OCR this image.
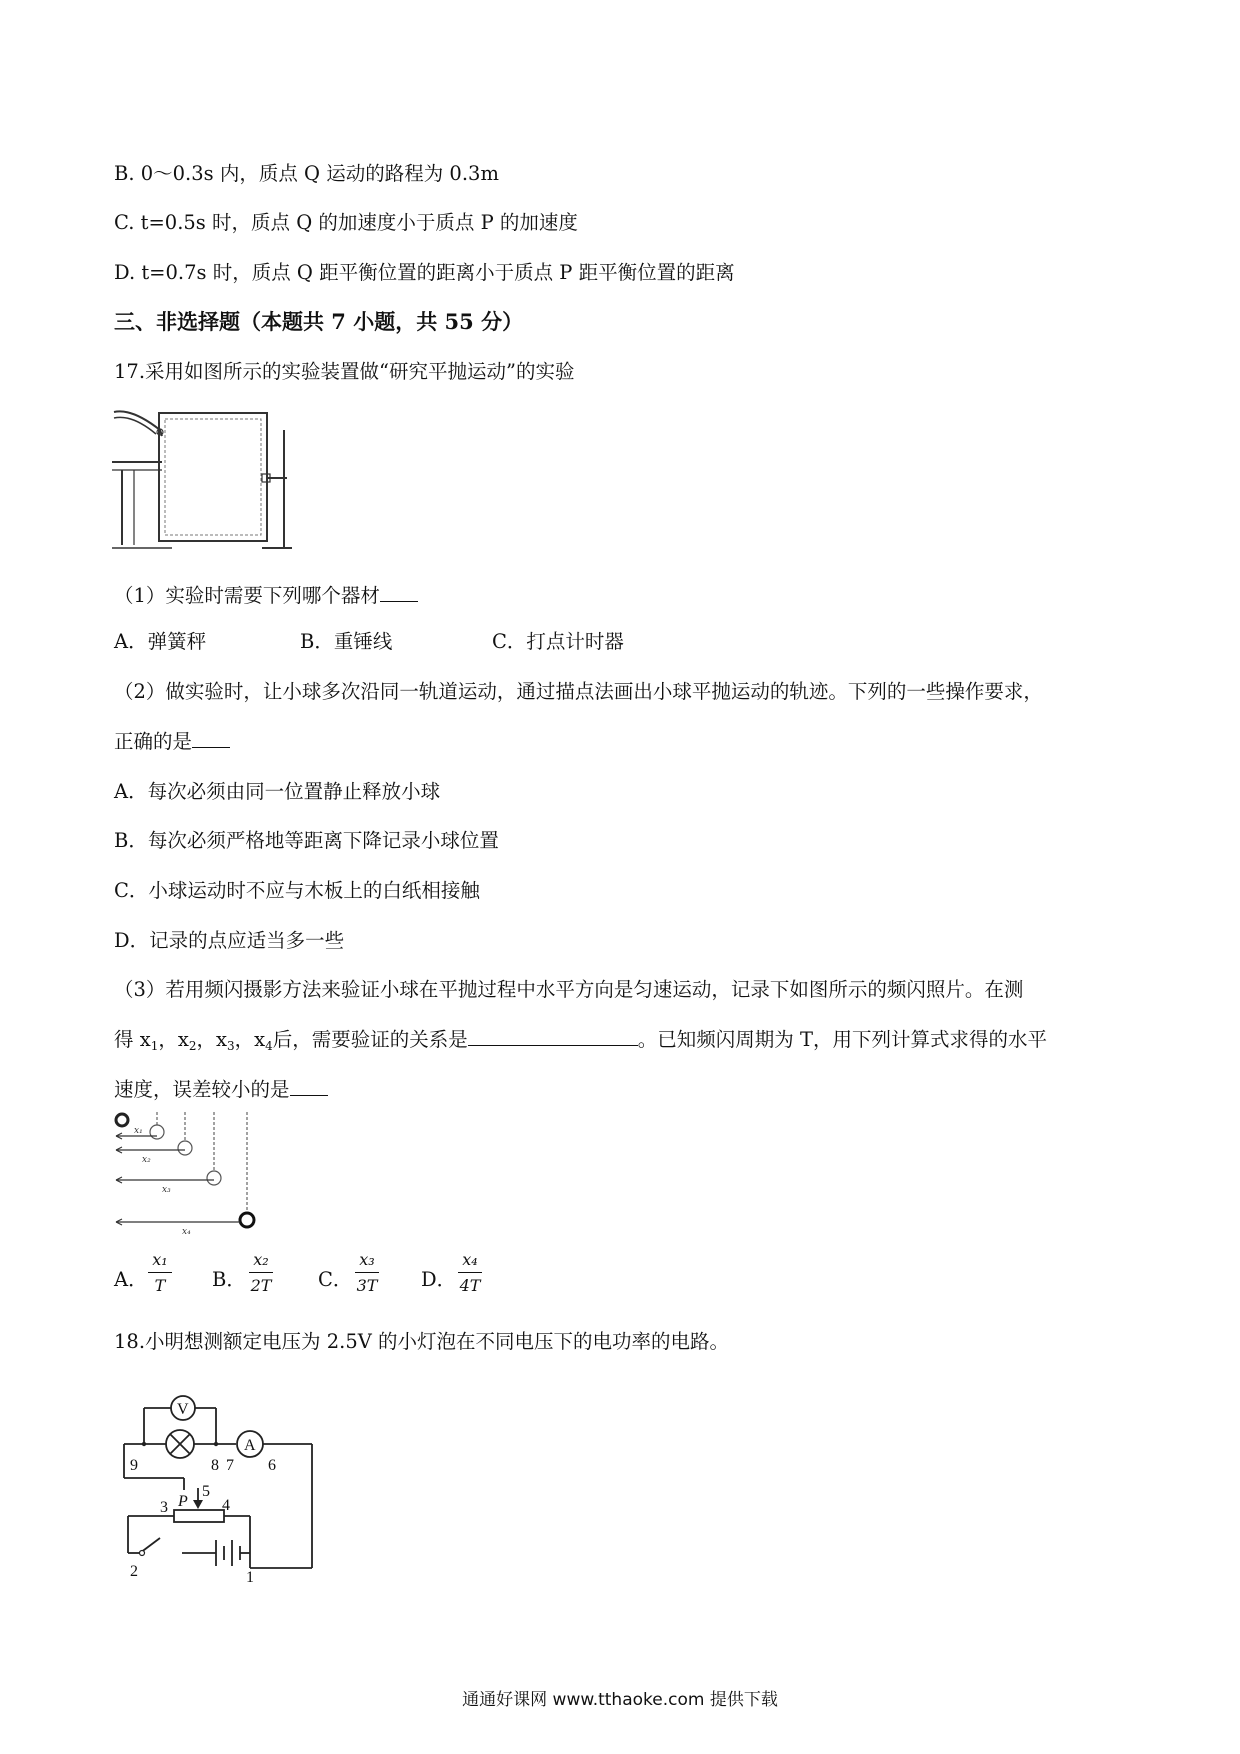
B. 0～0.3s 内，质点 Q 运动的路程为 0.3m
C. t=0.5s 时，质点 Q 的加速度小于质点 P 的加速度
D. t=0.7s 时，质点 Q 距平衡位置的距离小于质点 P 距平衡位置的距离
三、非选择题（本题共 7 小题，共 55 分）
17.采用如图所示的实验装置做“研究平抛运动”的实验
（1）实验时需要下列哪个器材
A．弹簧秤	B．重锤线	C．打点计时器
（2）做实验时，让小球多次沿同一轨道运动，通过描点法画出小球平抛运动的轨迹。下列的一些操作要求，
正确的是
A．每次必须由同一位置静止释放小球
B．每次必须严格地等距离下降记录小球位置
C．小球运动时不应与木板上的白纸相接触
D．记录的点应适当多一些
（3）若用频闪摄影方法来验证小球在平抛过程中水平方向是匀速运动，记录下如图所示的频闪照片。在测
得 $x_1$，$x_2$，$x_3$，$x_4$后，需要验证的关系是	。已知频闪周期为 T，用下列计算式求得的水平
速度，误差较小的是
x₁
x₂
x₃
x₄
A．
x₁
T	B．
x₂
2T	C．
x₃
3T	D．
x₄
4T
18.小明想测额定电压为 2.5V 的小灯泡在不同电压下的电功率的电路。
V
A
P
9	8 7 6
5
3	4
2	1
通通好课网 www.tthaoke.com 提供下载
